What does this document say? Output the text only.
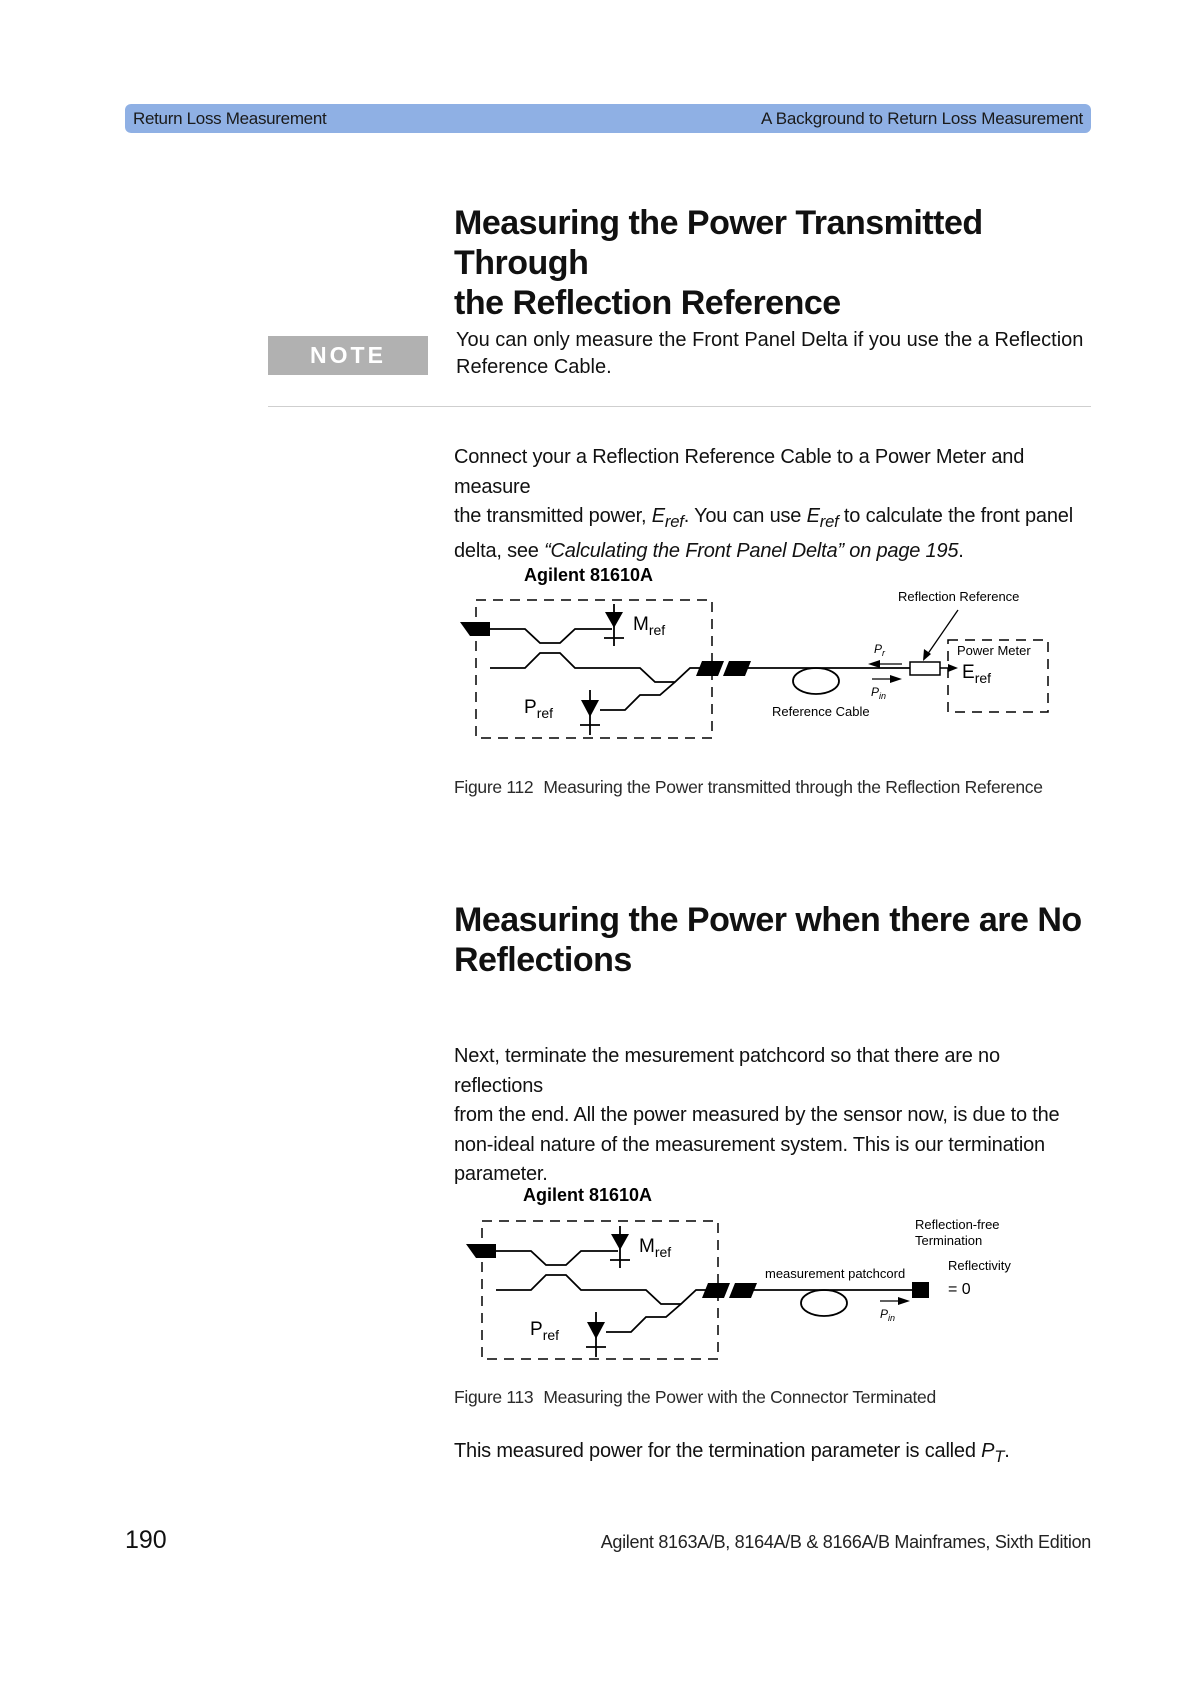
Return Loss Measurement	A Background to Return Loss Measurement
Measuring the Power Transmitted Through
the Reflection Reference
NOTE
You can only measure the Front Panel Delta if you use the a Reflection
Reference Cable.
Connect your a Reflection Reference Cable to a Power Meter and measure
the transmitted power, $E_{ref}$. You can use $E_{ref}$ to calculate the front panel
delta, see “Calculating the Front Panel Delta” on page 195.
Agilent 81610A
$M_{ref}$
$P_{ref}$	Reference Cable
$P_r$
$P_{in}$
Reflection Reference
Power Meter
$E_{ref}$
Figure 112 Measuring the Power transmitted through the Reflection Reference
Measuring the Power when there are No
Reflections
Next, terminate the mesurement patchcord so that there are no reflections
from the end. All the power measured by the sensor now, is due to the
non-ideal nature of the measurement system. This is our termination
parameter.
Agilent 81610A
$M_{ref}$
$P_{ref}$
measurement patchcord
$P_{in}$
Reflection-free
Termination
Reflectivity
= 0
Figure 113 Measuring the Power with the Connector Terminated
This measured power for the termination parameter is called $P_T$.
190	Agilent 8163A/B, 8164A/B & 8166A/B Mainframes, Sixth Edition
